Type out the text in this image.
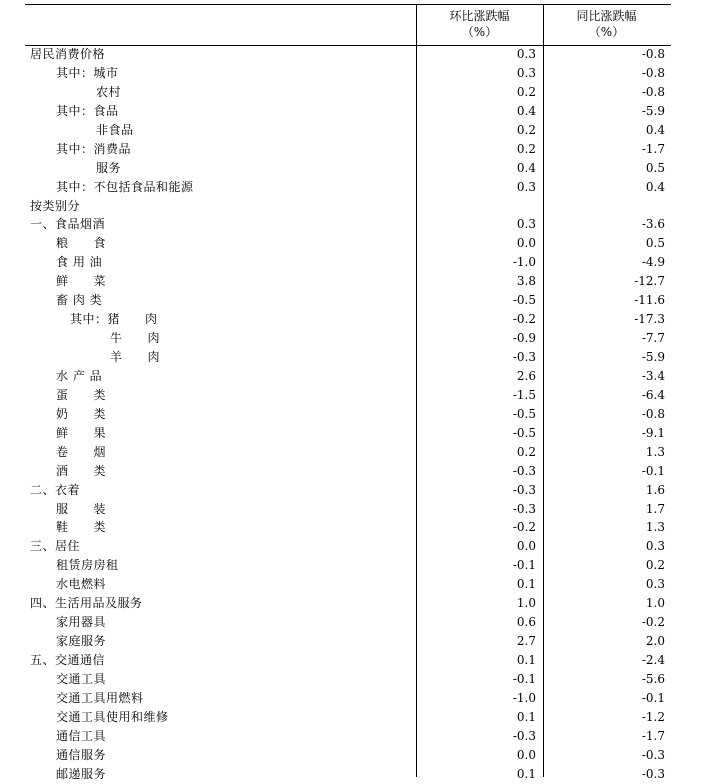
环比涨跌幅
（%）
同比涨跌幅
（%）
居民消费价格	0.3	-0.8
其中：城市	0.3	-0.8
农村	0.2	-0.8
其中：食品	0.4	-5.9
非食品	0.2	0.4
其中：消费品	0.2	-1.7
服务	0.4	0.5
其中：不包括食品和能源	0.3	0.4
按类别分
一、食品烟酒	0.3	-3.6
粮　　食	0.0	0.5
食 用 油	-1.0	-4.9
鲜　　菜	3.8	-12.7
畜 肉 类	-0.5	-11.6
其中：猪　　肉	-0.2	-17.3
牛　　肉	-0.9	-7.7
羊　　肉	-0.3	-5.9
水 产 品	2.6	-3.4
蛋　　类	-1.5	-6.4
奶　　类	-0.5	-0.8
鲜　　果	-0.5	-9.1
卷　　烟	0.2	1.3
酒　　类	-0.3	-0.1
二、衣着	-0.3	1.6
服　　装	-0.3	1.7
鞋　　类	-0.2	1.3
三、居住	0.0	0.3
租赁房房租	-0.1	0.2
水电燃料	0.1	0.3
四、生活用品及服务	1.0	1.0
家用器具	0.6	-0.2
家庭服务	2.7	2.0
五、交通通信	0.1	-2.4
交通工具	-0.1	-5.6
交通工具用燃料	-1.0	-0.1
交通工具使用和维修	0.1	-1.2
通信工具	-0.3	-1.7
通信服务	0.0	-0.3
邮递服务	0.1	-0.3
